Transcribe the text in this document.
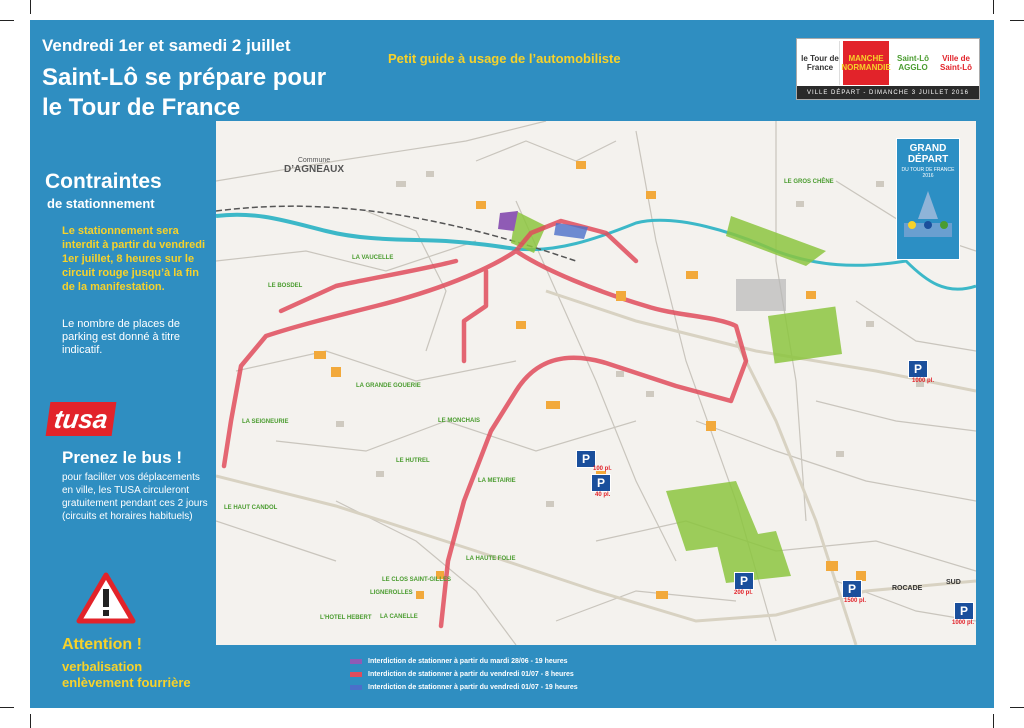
Vendredi 1er et samedi 2 juillet
Saint-Lô se prépare pour
le Tour de France
Petit guide à usage de l’automobiliste	le Tour de France
MANCHE NORMANDIE
Saint-Lô AGGLO
Ville de Saint-Lô
VILLE DÉPART - DIMANCHE 3 JUILLET 2016
Contraintes
de stationnement
Le stationnement sera interdit à partir du vendredi 1er juillet, 8 heures sur le circuit rouge jusqu’à la fin de la manifestation.
Le nombre de places de parking est donné à titre indicatif.
tusa
Prenez le bus !
pour faciliter vos déplacements en ville, les TUSA circuleront gratuitement pendant ces 2 jours (circuits et horaires habituels)
Attention !
verbalisation
enlèvement fourrière
Commune
D’AGNEAUX
LA VAUCELLE
LE BOSDEL
LA GRANDE GOUERIE
LA SEIGNEURIE	LE MONCHAIS
LE HUTREL
LA METAIRIE
LE HAUT CANDOL
LA HAUTE FOLIE
LE CLOS SAINT-GILLES
LIGNEROLLES
L’HOTEL HEBERT LA CANELLE
LE GROS CHÊNE
ROCADE
SUD
GRAND DÉPART
DU TOUR DE FRANCE 2016
P
100 pl.
P
40 pl.
P
1000 pl.
P
200 pl.	P
1500 pl.
P
1000 pl.
Interdiction de stationner à partir du mardi 28/06 - 19 heures
Interdiction de stationner à partir du vendredi 01/07 - 8 heures
Interdiction de stationner à partir du vendredi 01/07 - 19 heures
